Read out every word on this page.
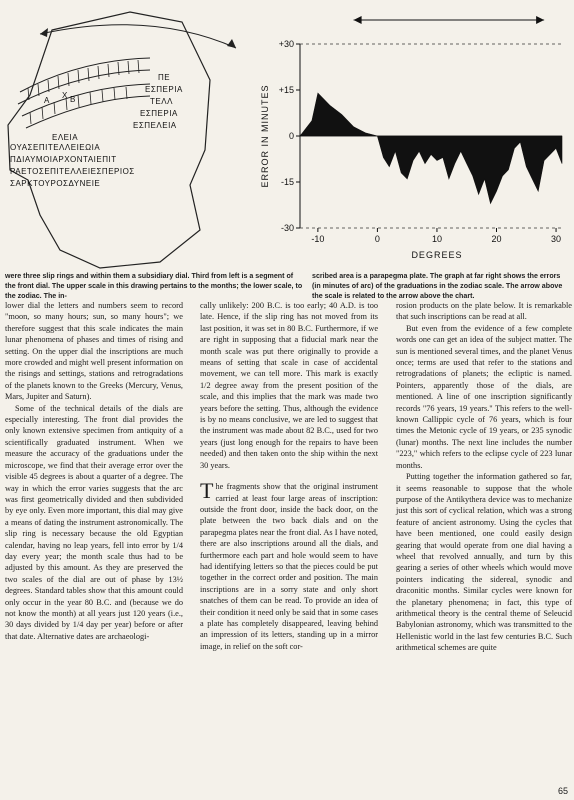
A
Χ Β
ΠΕ
ΕΣΠΕΡΙΑ
ΤΕΛΛ
ΕΣΠΕΡΙΑ
ΕΣΠΕΛΕΙΑ
ΕΛΕΙΑ
ΟΥΑΣΕΠΙΤΕΛΛΕΙΕΩΙΑ
ΠΔΙΑΥΜΟΙΑΡΧΟΝΤΑΙΕΠΙΤ
ΡΑΕΤΟΣΕΠΙΤΕΛΛΕΙΕΣΠΕΡΙΟΣ
ΣΑΡΚΤΟΥΡΟΣΔΥΝΕΙΕ
+30
+15
0
-15
-30
-10	0	10	20	30
ERROR IN MINUTES
DEGREES
were three slip rings and within them a subsidiary dial. Third from left is a segment of the front dial. The upper scale in this drawing pertains to the months; the lower scale, to the zodiac. The in-
scribed area is a parapegma plate. The graph at far right shows the errors (in minutes of arc) of the graduations in the zodiac scale. The arrow above the scale is related to the arrow above the chart.

lower dial the letters and numbers seem to record "moon, so many hours; sun, so many hours"; we therefore suggest that this scale indicates the main lunar phenomena of phases and times of rising and setting. On the upper dial the inscriptions are much more crowded and might well present information on the risings and settings, stations and retrogradations of the planets known to the Greeks (Mercury, Venus, Mars, Jupiter and Saturn).

Some of the technical details of the dials are especially interesting. The front dial provides the only known extensive specimen from antiquity of a scientifically graduated instrument. When we measure the accuracy of the graduations under the microscope, we find that their average error over the visible 45 degrees is about a quarter of a degree. The way in which the error varies suggests that the arc was first geometrically divided and then subdivided by eye only. Even more important, this dial may give a means of dating the instrument astronomically. The slip ring is necessary because the old Egyptian calendar, having no leap years, fell into error by 1/4 day every year; the month scale thus had to be adjusted by this amount. As they are preserved the two scales of the dial are out of phase by 13½ degrees. Standard tables show that this amount could only occur in the year 80 B.C. and (because we do not know the month) at all years just 120 years (i.e., 30 days divided by 1/4 day per year) before or after that date. Alternative dates are archaeologi-

cally unlikely: 200 B.C. is too early; 40 A.D. is too late. Hence, if the slip ring has not moved from its last position, it was set in 80 B.C. Furthermore, if we are right in supposing that a fiducial mark near the month scale was put there originally to provide a means of setting that scale in case of accidental movement, we can tell more. This mark is exactly 1/2 degree away from the present position of the scale, and this implies that the mark was made two years before the setting. Thus, although the evidence is by no means conclusive, we are led to suggest that the instrument was made about 82 B.C., used for two years (just long enough for the repairs to have been needed) and then taken onto the ship within the next 30 years.

The fragments show that the original instrument carried at least four large areas of inscription: outside the front door, inside the back door, on the plate between the two back dials and on the parapegma plates near the front dial. As I have noted, there are also inscriptions around all the dials, and furthermore each part and hole would seem to have had identifying letters so that the pieces could be put together in the correct order and position. The main inscriptions are in a sorry state and only short snatches of them can be read. To provide an idea of their condition it need only be said that in some cases a plate has completely disappeared, leaving behind an impression of its letters, standing up in a mirror image, in relief on the soft cor-

rosion products on the plate below. It is remarkable that such inscriptions can be read at all.

But even from the evidence of a few complete words one can get an idea of the subject matter. The sun is mentioned several times, and the planet Venus once; terms are used that refer to the stations and retrogradations of planets; the ecliptic is named. Pointers, apparently those of the dials, are mentioned. A line of one inscription significantly records "76 years, 19 years." This refers to the well-known Callippic cycle of 76 years, which is four times the Metonic cycle of 19 years, or 235 synodic (lunar) months. The next line includes the number "223," which refers to the eclipse cycle of 223 lunar months.

Putting together the information gathered so far, it seems reasonable to suppose that the whole purpose of the Antikythera device was to mechanize just this sort of cyclical relation, which was a strong feature of ancient astronomy. Using the cycles that have been mentioned, one could easily design gearing that would operate from one dial having a wheel that revolved annually, and turn by this gearing a series of other wheels which would move pointers indicating the sidereal, synodic and draconitic months. Similar cycles were known for the planetary phenomena; in fact, this type of arithmetical theory is the central theme of Seleucid Babylonian astronomy, which was transmitted to the Hellenistic world in the last few centuries B.C. Such arithmetical schemes are quite

65
